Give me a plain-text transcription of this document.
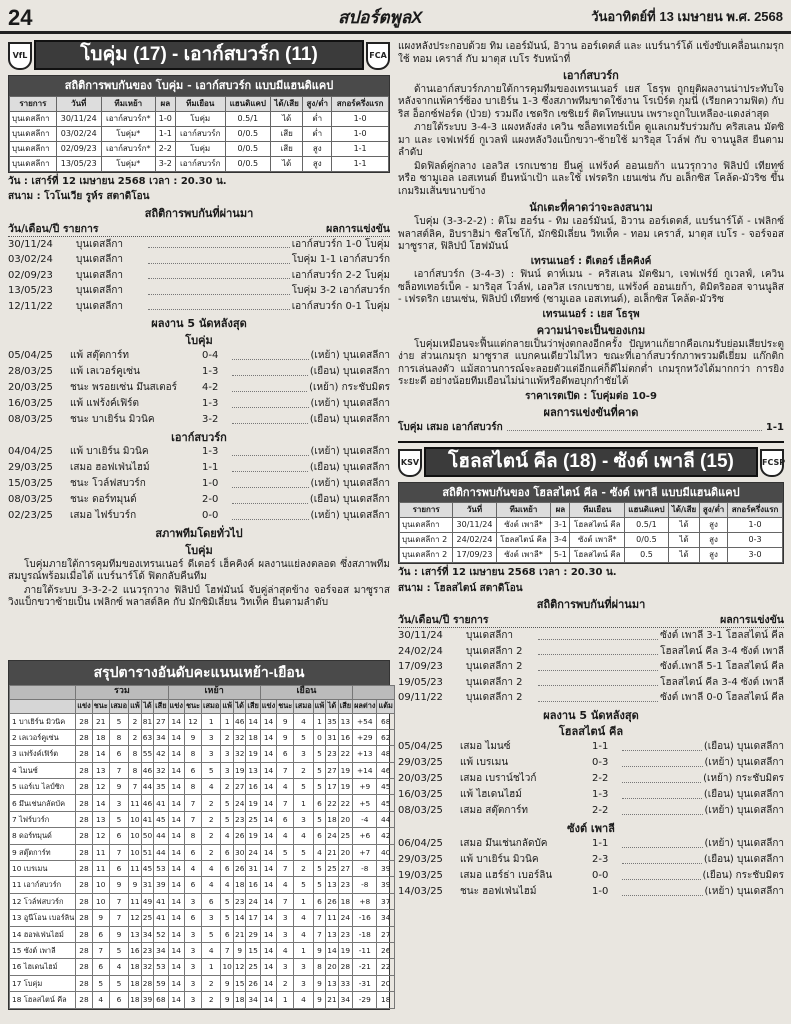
24	สปอร์ตพูลX	วันอาทิตย์ที่ 13 เมษายน พ.ศ. 2568
VfL	โบคุ่ม (17) - เอาก์สบวร์ก (11)	FCA
สถิติการพบกันของ โบคุ่ม - เอาก์สบวร์ก แบบมีแฮนดิแคป
รายการ	วันที่	ทีมเหย้า	ผล	ทีมเยือน	แฮนดิแคป	ได้/เสีย	สูง/ต่ำ	สกอร์ครึ่งแรก
บุนเดสลีกา	30/11/24	เอาก์สบวร์ก*	1-0	โบคุ่ม	0.5/1	ได้	ต่ำ	1-0
บุนเดสลีกา	03/02/24	โบคุ่ม*	1-1	เอาก์สบวร์ก	0/0.5	เสีย	ต่ำ	1-0
บุนเดสลีกา	02/09/23	เอาก์สบวร์ก*	2-2	โบคุ่ม	0/0.5	เสีย	สูง	1-1
บุนเดสลีกา	13/05/23	โบคุ่ม*	3-2	เอาก์สบวร์ก	0/0.5	ได้	สูง	1-1
วัน : เสาร์ที่ 12 เมษายน 2568 เวลา : 20.30 น.
สนาม : โวโนเวีย รูห์ร สตาดิโอน
สถิติการพบกันที่ผ่านมา
วัน/เดือน/ปี รายการ	ผลการแข่งขัน
30/11/24	บุนเดสลีกา	เอาก์สบวร์ก 1-0 โบคุ่ม
03/02/24	บุนเดสลีกา	โบคุ่ม 1-1 เอาก์สบวร์ก
02/09/23	บุนเดสลีกา	เอาก์สบวร์ก 2-2 โบคุ่ม
13/05/23	บุนเดสลีกา	โบคุ่ม 3-2 เอาก์สบวร์ก
12/11/22	บุนเดสลีกา	เอาก์สบวร์ก 0-1 โบคุ่ม
ผลงาน 5 นัดหลังสุด
โบคุ่ม
05/04/25	แพ้ สตุ๊ตการ์ท	0-4	(เหย้า) บุนเดสลีกา
28/03/25	แพ้ เลเวอร์คูเซ่น	1-3	(เยือน) บุนเดสลีกา
20/03/25	ชนะ พรอยเซ่น มึนสเตอร์	4-2	(เหย้า) กระชับมิตร
16/03/25	แพ้ แฟร้งค์เฟิร์ต	1-3	(เหย้า) บุนเดสลีกา
08/03/25	ชนะ บาเยิร์น มิวนิค	3-2	(เยือน) บุนเดสลีกา
เอาก์สบวร์ก
04/04/25	แพ้ บาเยิร์น มิวนิค	1-3	(เหย้า) บุนเดสลีกา
29/03/25	เสมอ ฮอฟเฟ่นไฮม์	1-1	(เยือน) บุนเดสลีกา
15/03/25	ชนะ โวล์ฟสบวร์ก	1-0	(เหย้า) บุนเดสลีกา
08/03/25	ชนะ ดอร์ทมุนด์	2-0	(เยือน) บุนเดสลีกา
02/23/25	เสมอ ไฟร์บวร์ก	0-0	(เหย้า) บุนเดสลีกา
สภาพทีมโดยทั่วไป
โบคุ่ม

โบคุ่มภายใต้การคุมทีมของเทรนเนอร์ ดีเตอร์ เฮ็คคิงค์ ผลงานแย่ลงตลอด ซึ่งสภาพทีมสมบูรณ์พร้อมเมื่อได้ แบร์นาร์โด้ ฟิตกลับคืนทีม

ภายใต้ระบบ 3-3-2-2 แนวรุกวาง ฟิลิปป์ โฮฟมันน์ จับคู่ล่าสุดข้าง จอร์จอส มาซูราส วิงแบ็กขวาซ้ายเป็น เฟลิกซ์ พลาสต์ลิค กับ มักซิมิเลี่ยน วิทเท็ค ยืนตามลำดับ

สรุปตารางอันดับคะแนนเหย้า-เยือน
	รวม						เหย้า						เยือน							
	แข่ง	ชนะ	เสมอ	แพ้	ได้	เสีย	แข่ง	ชนะ	เสมอ	แพ้	ได้	เสีย	แข่ง	ชนะ	เสมอ	แพ้	ได้	เสีย	ผลต่าง	แต้ม
1 บาเยิร์น มิวนิค	28	21	5	2	81	27	14	12	1	1	46	14	14	9	4	1	35	13	+54	68
2 เลเวอร์คูเซ่น	28	18	8	2	63	34	14	9	3	2	32	18	14	9	5	0	31	16	+29	62
3 แฟร้งค์เฟิร์ต	28	14	6	8	55	42	14	8	3	3	32	19	14	6	3	5	23	22	+13	48
4 ไมนซ์	28	13	7	8	46	32	14	6	5	3	19	13	14	7	2	5	27	19	+14	46
5 แอร์เบ ไลป์ซิก	28	12	9	7	44	35	14	8	4	2	27	16	14	4	5	5	17	19	+9	45
6 มึนเช่นกลัดบัค	28	14	3	11	46	41	14	7	2	5	24	19	14	7	1	6	22	22	+5	45
7 ไฟร์บวร์ก	28	13	5	10	41	45	14	7	2	5	23	25	14	6	3	5	18	20	-4	44
8 ดอร์ทมุนด์	28	12	6	10	50	44	14	8	2	4	26	19	14	4	4	6	24	25	+6	42
9 สตุ๊ตการ์ท	28	11	7	10	51	44	14	6	2	6	30	24	14	5	5	4	21	20	+7	40
10 เบรเมน	28	11	6	11	45	53	14	4	4	6	26	31	14	7	2	5	25	27	-8	39
11 เอาก์สบวร์ก	28	10	9	9	31	39	14	6	4	4	18	16	14	4	5	5	13	23	-8	39
12 โวล์ฟสบวร์ก	28	10	7	11	49	41	14	3	6	5	23	24	14	7	1	6	26	18	+8	37
13 อูนีโอน เบอร์ลิน	28	9	7	12	25	41	14	6	3	5	14	17	14	3	4	7	11	24	-16	34
14 ฮอฟเฟ่นไฮม์	28	6	9	13	34	52	14	3	5	6	21	29	14	3	4	7	13	23	-18	27
15 ซังต์ เพาลี	28	7	5	16	23	34	14	3	4	7	9	15	14	4	1	9	14	19	-11	26
16 ไฮเดนไฮม์	28	6	4	18	32	53	14	3	1	10	12	25	14	3	3	8	20	28	-21	22
17 โบคุ่ม	28	5	5	18	28	59	14	3	2	9	15	26	14	2	3	9	13	33	-31	20
18 โฮลสไตน์ คีล	28	4	6	18	39	68	14	3	2	9	18	34	14	1	4	9	21	34	-29	18

แผงหลังประกอบด้วย ทิม เออร์มันน์, อิวาน ออร์เดตส์ และ แบร์นาร์โด้ แข้งขับเคลื่อนเกมรุกใช้ ทอม เคราส์ กับ มาตุส เบโร รับหน้าที่

เอาก์สบวร์ก

ด้านเอาก์สบวร์กภายใต้การคุมทีมของเทรนเนอร์ เยส โธรุพ ถูกยุติผลงานน่าประทับใจหลังจากแพ้คาร์ซ้อง บาเยิร์น 1-3 ซึ่งสภาพทีมขาดใช้งาน โรเบิร์ต กุมนี่ (เรียกความฟิต) กับ ริส อ็อกซ์ฟอร์ด (ป่วย) รวมถึง เชดริก เซชิเยร์ ติดโทษแบน เพราะถูกใบเหลือง-แดงล่าสุด

ภายใต้ระบบ 3-4-3 แผงหลังส่ง เควิน ซล็อทเทอร์เบ็ค ดูแลเกมรับร่วมกับ คริสเลน มัตซิมา และ เจฟเฟร์ย์ กูเวลฟ์ แผงหลังวิงแบ็กขวา-ซ้ายใช้ มาริอุส โวล์ฟ กับ จานนูลิส ยืนตามลำดับ

มิดฟิลด์คู่กลาง เอลวิส เรกเบชาย ยืนคู่ แฟร้งค์ ออนเยก้า แนวรุกวาง ฟิลิปป์ เทียทซ์ หรือ ซามูเอล เอสเทนด์ ยืนหน้าเป้า และใช้ เฟรดริก เยนเซ่น กับ อเล็กซิส โคล้ด-มัวริซ ขึ้นเกมริมเส้นขนาบข้าง

นักเตะที่คาดว่าจะลงสนาม

โบคุ่ม (3-3-2-2) : ติโม ฮอร์น - ทิม เออร์มันน์, อิวาน ออร์เดตส์, แบร์นาร์โด้ - เฟลิกซ์ พลาสต์ลิค, อิบราฮิม่า ซิสโซโก้, มักซิมิเลี่ยน วิทเท็ค - ทอม เคราส์, มาตุส เบโร - จอร์จอส มาซูราส, ฟิลิปป์ โฮฟมันน์

เทรนเนอร์ : ดีเตอร์ เฮ็คคิงค์

เอาก์สบวร์ก (3-4-3) : ฟินน์ ดาห์เมน - คริสเลน มัตซิมา, เจฟเฟร์ย์ กูเวลฟ์, เควิน ซล็อทเทอร์เบ็ค - มาริอุส โวล์ฟ, เอลวิส เรกเบชาย, แฟร้งค์ ออนเยก้า, ดิมิตริออส จานนูลิส - เฟรดริก เยนเซ่น, ฟิลิปป์ เทียทซ์ (ซามูเอล เอสเทนด์), อเล็กซิส โคล้ด-มัวริซ

เทรนเนอร์ : เยส โธรุพ
ความน่าจะเป็นของเกม

โบคุ่มเหมือนจะฟื้นแต่กลายเป็นว่าพุ่งตกลงอีกครั้ง ปัญหาแก้ยากคือเกมรับย่อมเสียประตูง่าย ส่วนเกมรุก มาซูราส แบกคนเดียวไม่ไหว ขณะที่เอาก์สบวร์กภาพรวมดีเยี่ยม แก๊กติกการเล่นลงตัว แม้สถานการณ์จะลอยตัวแต่อีกแค่ก็ดีไม่ตกต่ำ เกมรุกหวังได้มากกว่า การยิงระยะดี อย่างน้อยทีมเยือนไม่น่าแพ้หรือดีพอบุกกำชัยได้

ราคาเรตเปิด : โบคุ่มต่อ 10-9
ผลการแข่งขันที่คาด
โบคุ่ม เสมอ เอาก์สบวร์ก	1-1
KSV โฮลสไตน์ คีล (18) - ซังต์ เพาลี (15)	FCSP
สถิติการพบกันของ โฮลสไตน์ คีล - ซังต์ เพาลี แบบมีแฮนดิแคป
รายการ	วันที่	ทีมเหย้า	ผล	ทีมเยือน	แฮนดิแคป	ได้/เสีย	สูง/ต่ำ	สกอร์ครึ่งแรก
บุนเดสลีกา	30/11/24	ซังต์ เพาลี*	3-1	โฮลสไตน์ คีล	0.5/1	ได้	สูง	1-0
บุนเดสลีกา 2	24/02/24	โฮลสไตน์ คีล	3-4	ซังต์ เพาลี*	0/0.5	ได้	สูง	0-3
บุนเดสลีกา 2	17/09/23	ซังต์ เพาลี*	5-1	โฮลสไตน์ คีล	0.5	ได้	สูง	3-0
วัน : เสาร์ที่ 12 เมษายน 2568 เวลา : 20.30 น.
สนาม : โฮลสไตน์ สตาดิโอน
สถิติการพบกันที่ผ่านมา
วัน/เดือน/ปี รายการ	ผลการแข่งขัน
30/11/24	บุนเดสลีกา	ซังต์ เพาลี 3-1 โฮลสไตน์ คีล
24/02/24	บุนเดสลีกา 2	โฮลสไตน์ คีล 3-4 ซังต์ เพาลี
17/09/23	บุนเดสลีกา 2	ซังต์.เพาลี 5-1 โฮลสไตน์ คีล
19/05/23	บุนเดสลีกา 2	โฮลสไตน์ คีล 3-4 ซังต์ เพาลี
09/11/22	บุนเดสลีกา 2	ซังต์ เพาลี 0-0 โฮลสไตน์ คีล
ผลงาน 5 นัดหลังสุด
โฮลสไตน์ คีล
05/04/25	เสมอ ไมนซ์	1-1	(เยือน) บุนเดสลีกา
29/03/25	แพ้ เบรเมน	0-3	(เหย้า) บุนเดสลีกา
20/03/25	เสมอ เบราน์ชไวก์	2-2	(เหย้า) กระชับมิตร
16/03/25	แพ้ ไฮเดนไฮม์	1-3	(เยือน) บุนเดสลีกา
08/03/25	เสมอ สตุ๊ตการ์ท	2-2	(เหย้า) บุนเดสลีกา
ซังต์ เพาลี
06/04/25	เสมอ มึนเช่นกลัดบัค	1-1	(เหย้า) บุนเดสลีกา
29/03/25	แพ้ บาเยิร์น มิวนิค	2-3	(เยือน) บุนเดสลีกา
19/03/25	เสมอ แฮร์ธ่า เบอร์ลิน	0-0	(เยือน) กระชับมิตร
14/03/25	ชนะ ฮอฟเฟ่นไฮม์	1-0	(เหย้า) บุนเดสลีกา
